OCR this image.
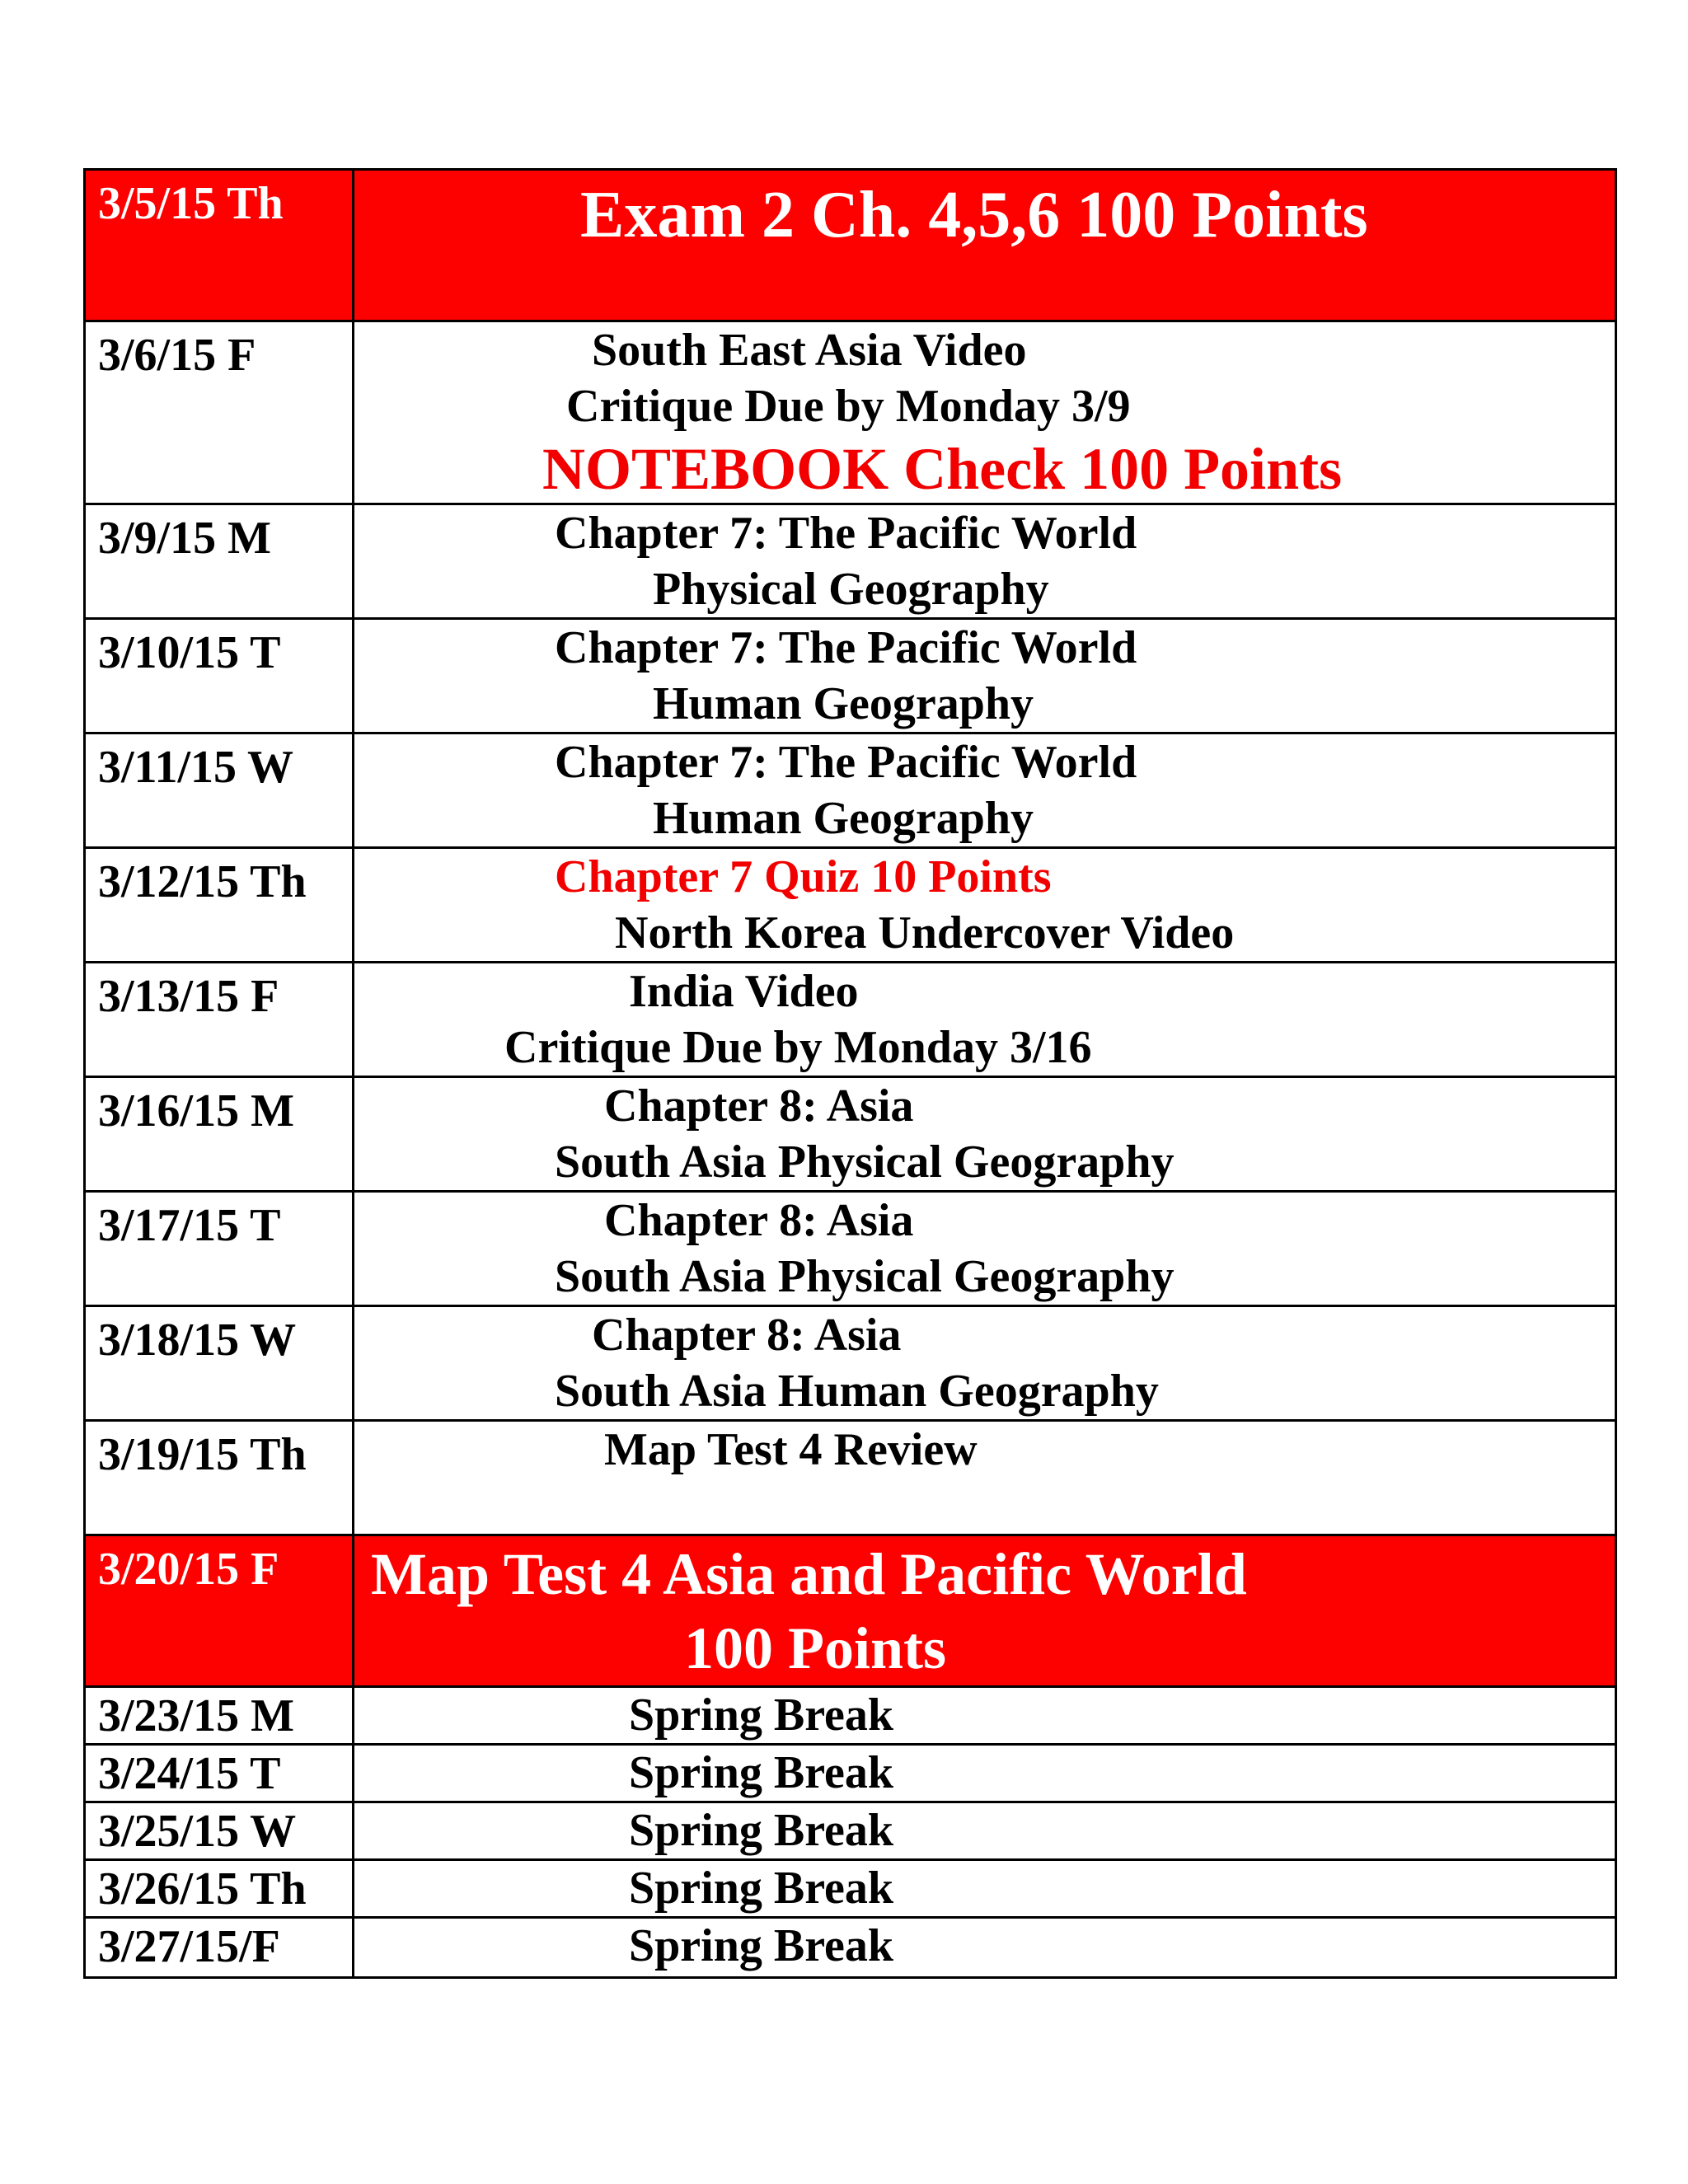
3/5/15 Th	Exam 2 Ch. 4,5,6 100 Points
3/6/15 F	South East Asia Video
Critique Due by Monday 3/9
NOTEBOOK Check 100 Points
3/9/15 M	Chapter 7: The Pacific World
Physical Geography
3/10/15 T	Chapter 7: The Pacific World
Human Geography
3/11/15 W	Chapter 7: The Pacific World
Human Geography
3/12/15 Th	Chapter 7 Quiz 10 Points
North Korea Undercover Video
3/13/15 F	India Video
Critique Due by Monday 3/16
3/16/15 M	Chapter 8: Asia
South Asia Physical Geography
3/17/15 T	Chapter 8: Asia
South Asia Physical Geography
3/18/15 W	Chapter 8: Asia
South Asia Human Geography
3/19/15 Th	Map Test 4 Review
3/20/15 F	Map Test 4 Asia and Pacific World
100 Points
3/23/15 M	Spring Break
3/24/15 T	Spring Break
3/25/15 W	Spring Break
3/26/15 Th	Spring Break
3/27/15/F	Spring Break
